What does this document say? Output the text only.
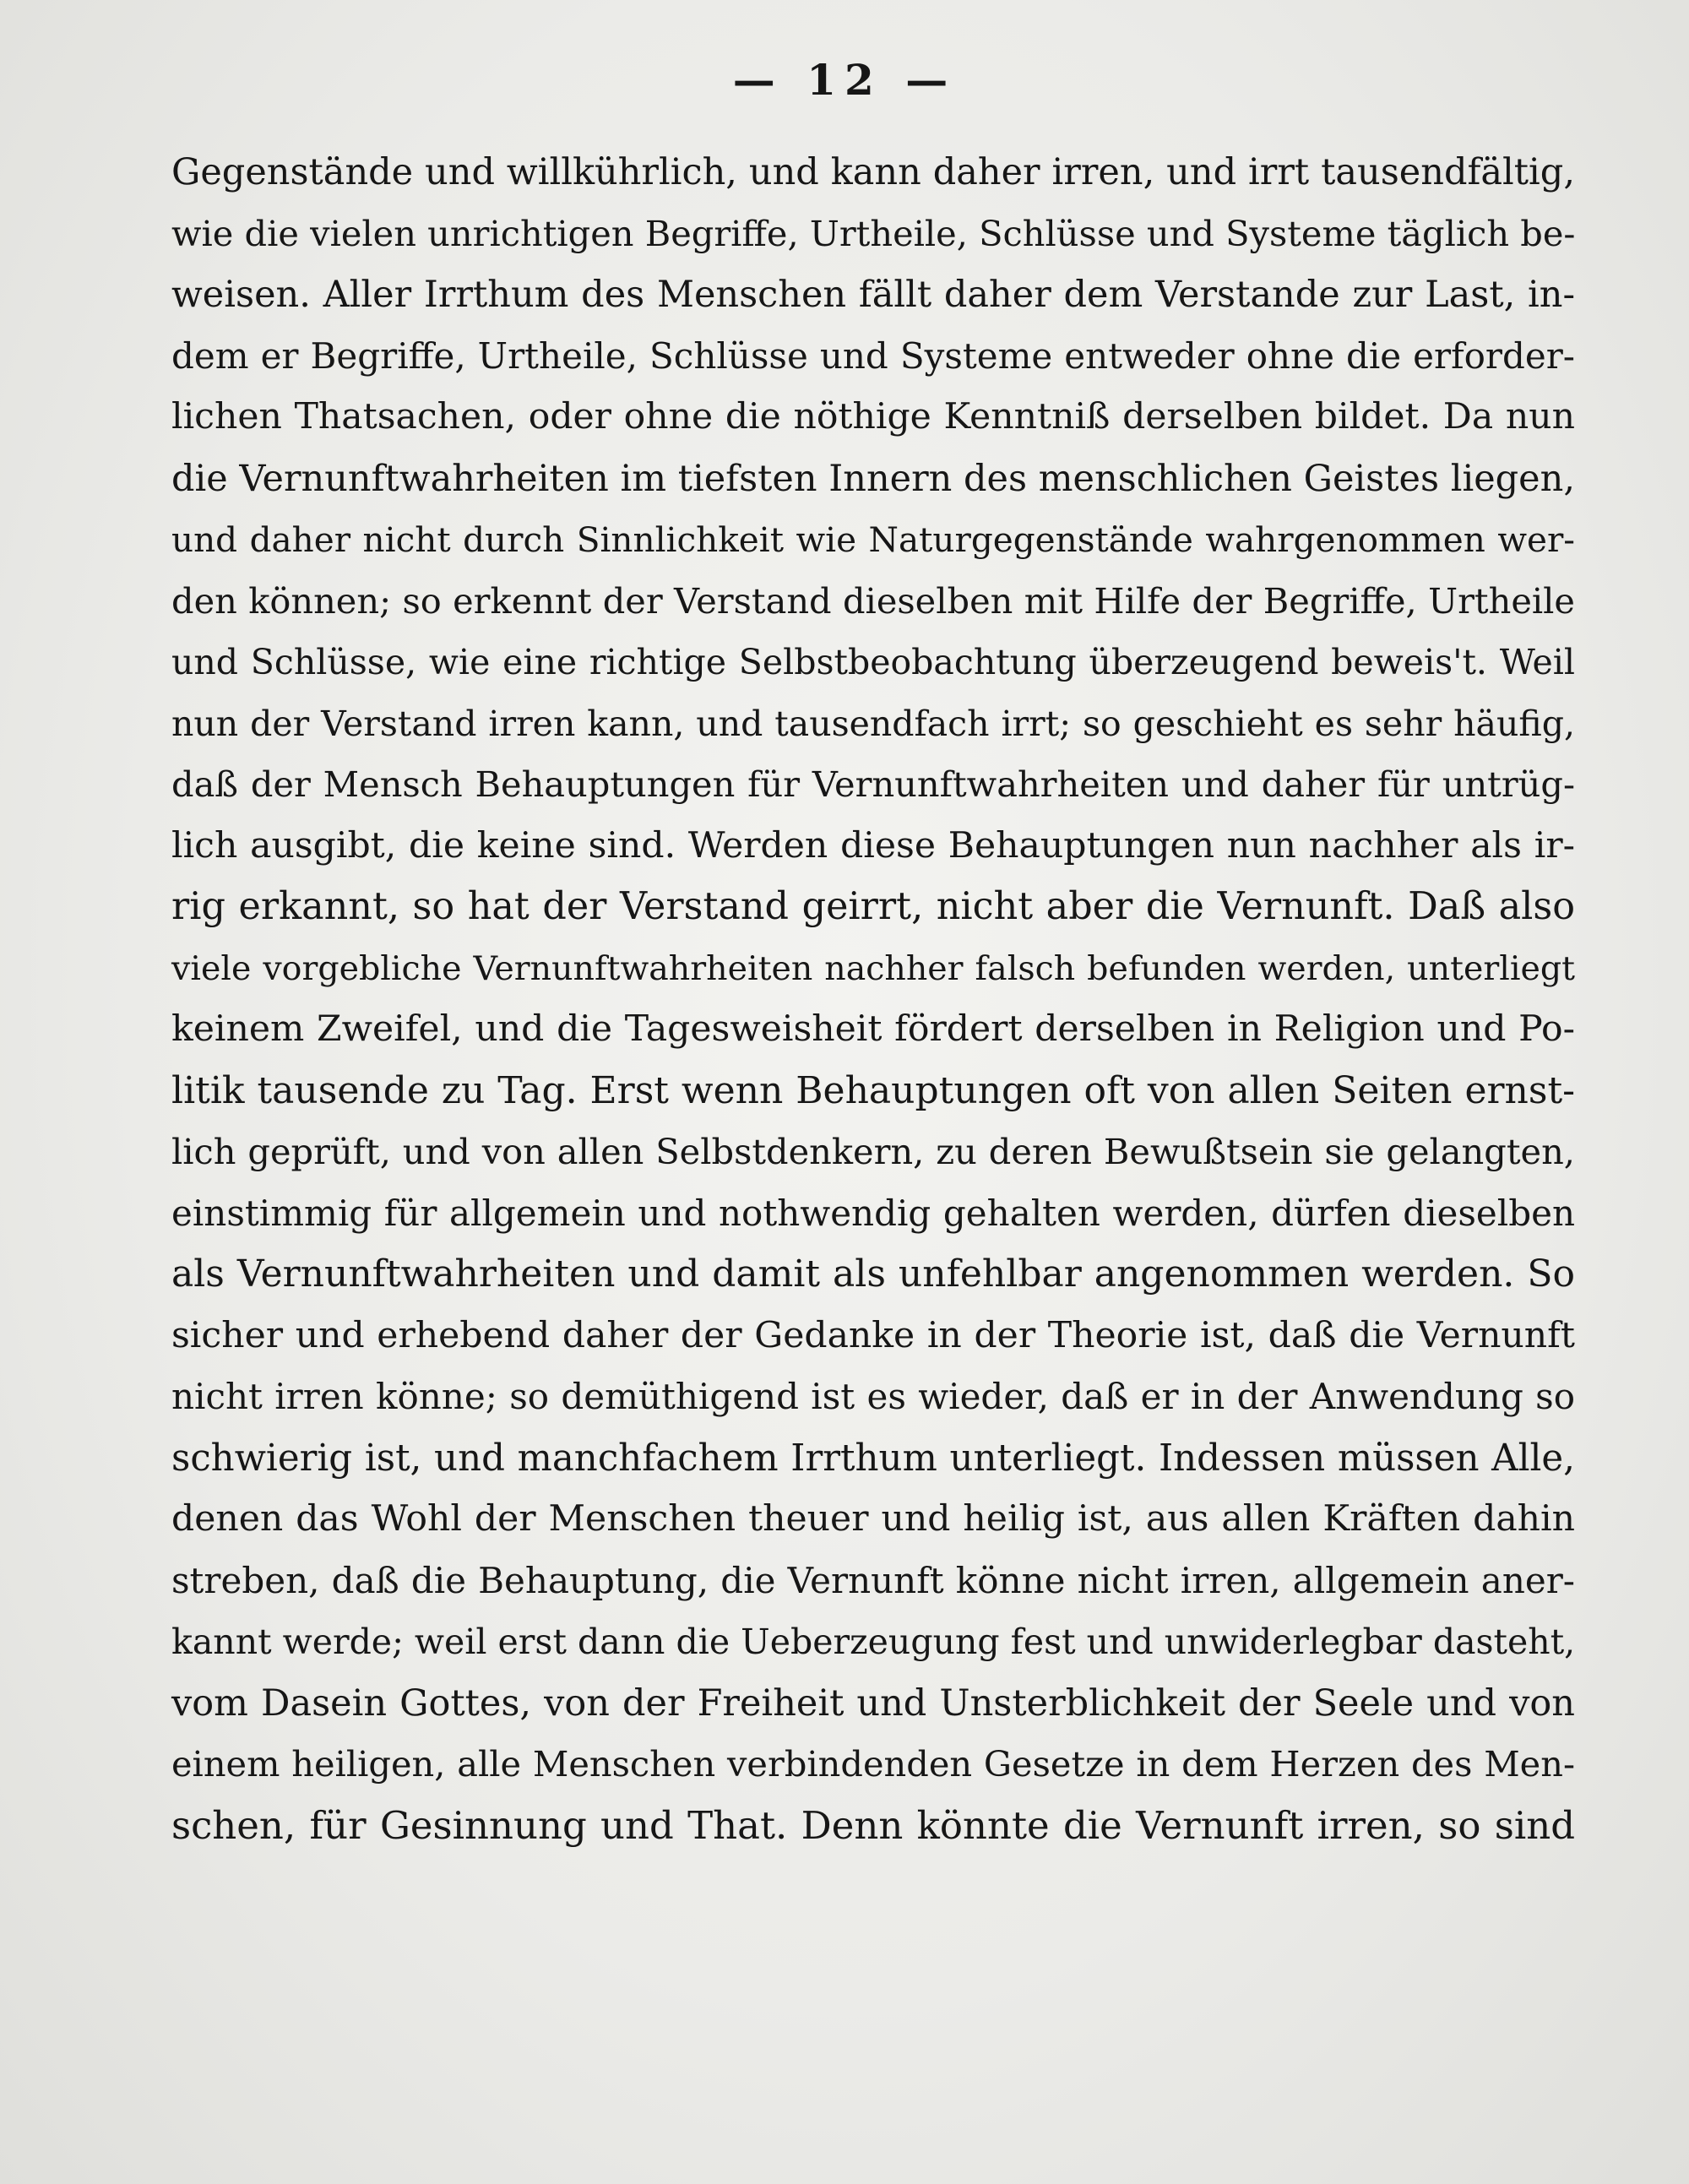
— 12 —
Gegenstände und willkührlich, und kann daher irren, und irrt tausendfältig,
wie die vielen unrichtigen Begriffe, Urtheile, Schlüsse und Systeme täglich be-
weisen. Aller Irrthum des Menschen fällt daher dem Verstande zur Last, in-
dem er Begriffe, Urtheile, Schlüsse und Systeme entweder ohne die erforder-
lichen Thatsachen, oder ohne die nöthige Kenntniß derselben bildet. Da nun
die Vernunftwahrheiten im tiefsten Innern des menschlichen Geistes liegen,
und daher nicht durch Sinnlichkeit wie Naturgegenstände wahrgenommen wer-
den können; so erkennt der Verstand dieselben mit Hilfe der Begriffe, Urtheile
und Schlüsse, wie eine richtige Selbstbeobachtung überzeugend beweis't. Weil
nun der Verstand irren kann, und tausendfach irrt; so geschieht es sehr häufig,
daß der Mensch Behauptungen für Vernunftwahrheiten und daher für untrüg-
lich ausgibt, die keine sind. Werden diese Behauptungen nun nachher als ir-
rig erkannt, so hat der Verstand geirrt, nicht aber die Vernunft. Daß also
viele vorgebliche Vernunftwahrheiten nachher falsch befunden werden, unterliegt
keinem Zweifel, und die Tagesweisheit fördert derselben in Religion und Po-
litik tausende zu Tag. Erst wenn Behauptungen oft von allen Seiten ernst-
lich geprüft, und von allen Selbstdenkern, zu deren Bewußtsein sie gelangten,
einstimmig für allgemein und nothwendig gehalten werden, dürfen dieselben
als Vernunftwahrheiten und damit als unfehlbar angenommen werden. So
sicher und erhebend daher der Gedanke in der Theorie ist, daß die Vernunft
nicht irren könne; so demüthigend ist es wieder, daß er in der Anwendung so
schwierig ist, und manchfachem Irrthum unterliegt. Indessen müssen Alle,
denen das Wohl der Menschen theuer und heilig ist, aus allen Kräften dahin
streben, daß die Behauptung, die Vernunft könne nicht irren, allgemein aner-
kannt werde; weil erst dann die Ueberzeugung fest und unwiderlegbar dasteht,
vom Dasein Gottes, von der Freiheit und Unsterblichkeit der Seele und von
einem heiligen, alle Menschen verbindenden Gesetze in dem Herzen des Men-
schen, für Gesinnung und That. Denn könnte die Vernunft irren, so sind
